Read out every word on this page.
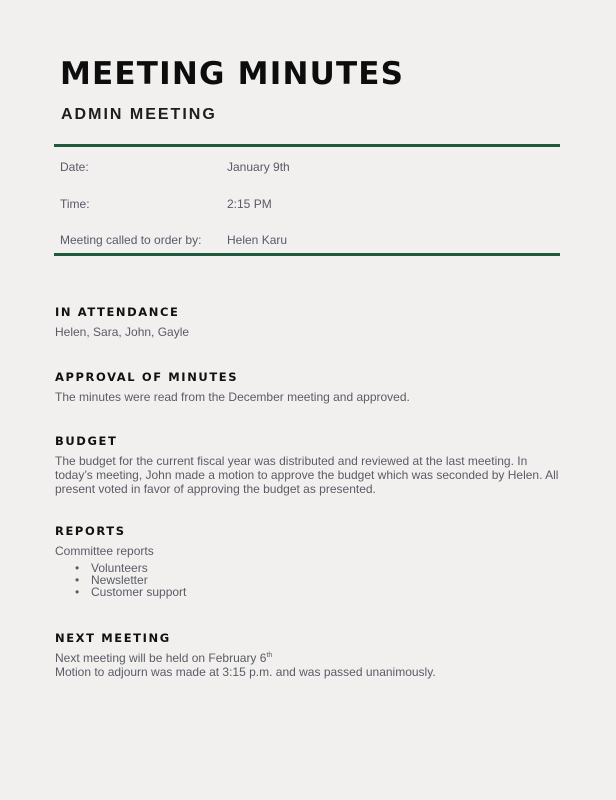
MEETING MINUTES
ADMIN MEETING
Date:	January 9th
Time:	2:15 PM
Meeting called to order by: Helen Karu
IN ATTENDANCE

Helen, Sara, John, Gayle

APPROVAL OF MINUTES

The minutes were read from the December meeting and approved.

BUDGET

The budget for the current fiscal year was distributed and reviewed at the last meeting. In today’s meeting, John made a motion to approve the budget which was seconded by Helen. All present voted in favor of approving the budget as presented.

REPORTS

Committee reports

• Volunteers
• Newsletter
• Customer support
NEXT MEETING

Next meeting will be held on February 6th

Motion to adjourn was made at 3:15 p.m. and was passed unanimously.
